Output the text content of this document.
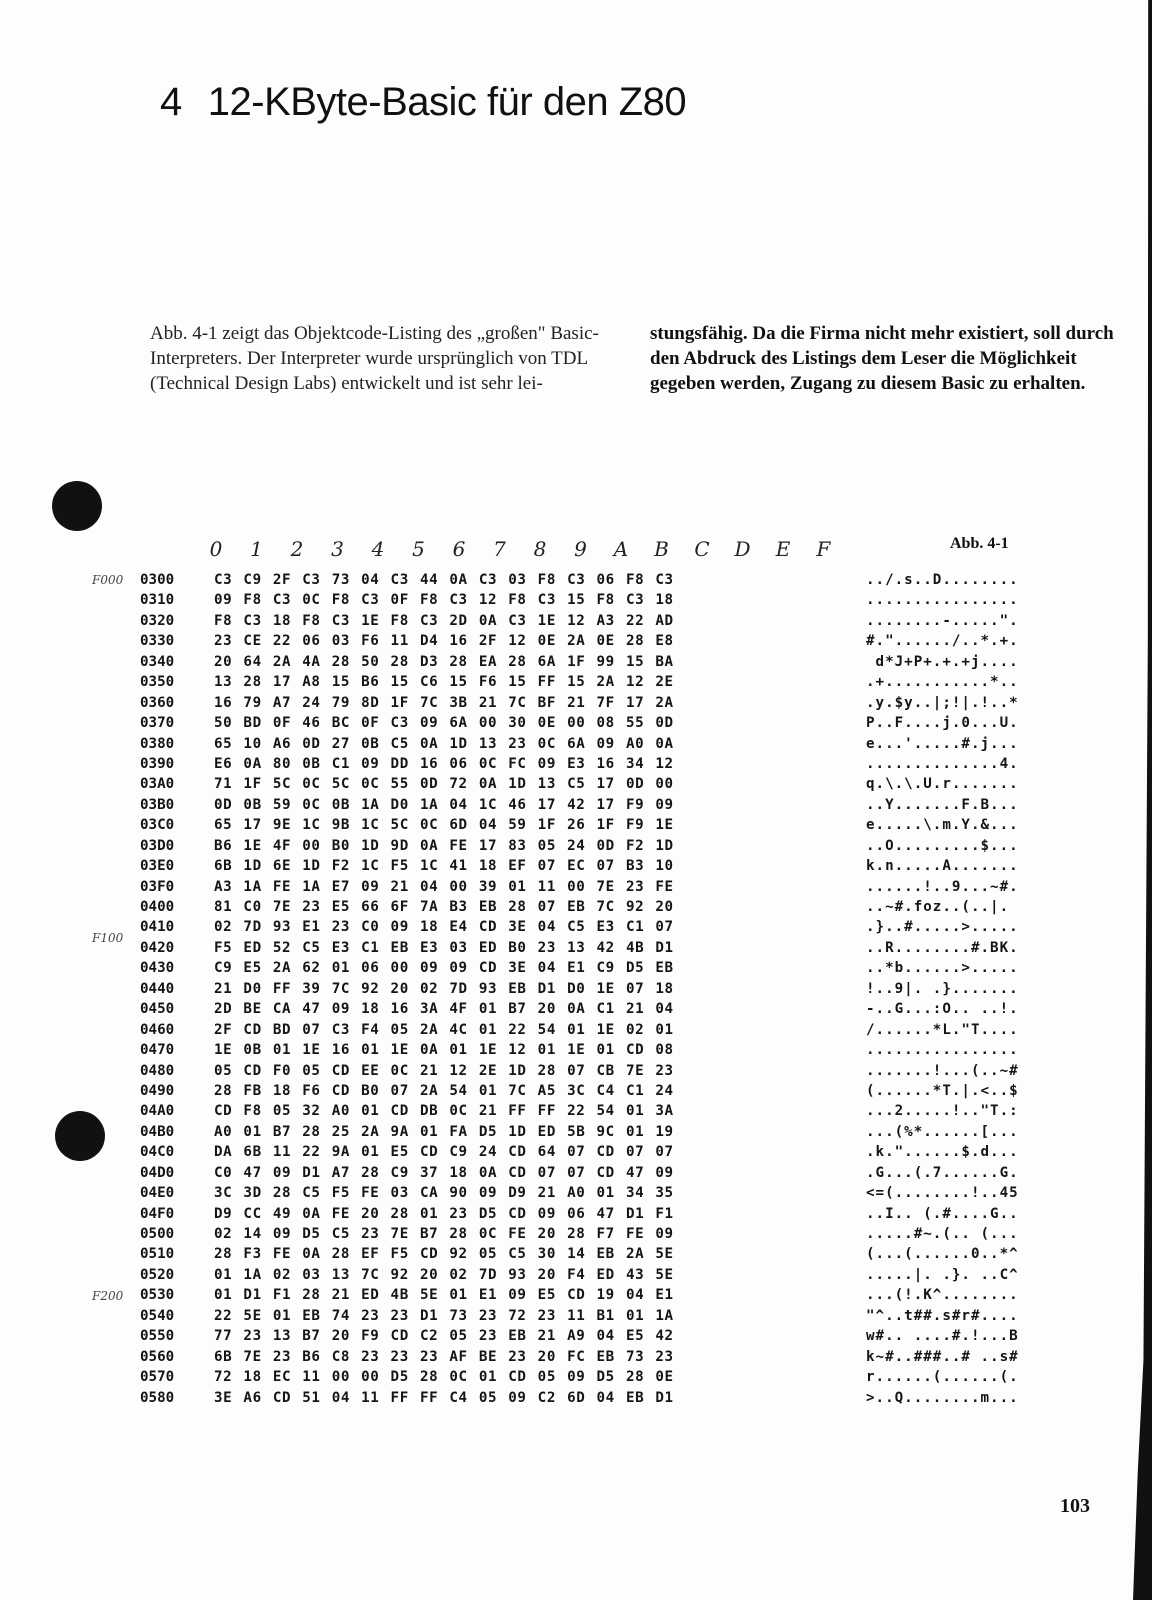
4 12-KByte-Basic für den Z80

Abb. 4-1 zeigt das Objektcode-Listing des „großen" Basic-Interpreters. Der Interpreter wurde ursprünglich von TDL (Technical Design Labs) entwickelt und ist sehr lei-

stungsfähig. Da die Firma nicht mehr existiert, soll durch den Abdruck des Listings dem Leser die Möglichkeit gegeben werden, Zugang zu diesem Basic zu erhalten.

Abb. 4-1
0	1	2	3	4	5	6	7	8	9	A	B	C	D	E	F
F000
F100
F200
0300	C3 C9 2F C3 73 04 C3 44 0A C3 03 F8 C3 06 F8 C3	../.s..D........
0310	09 F8 C3 0C F8 C3 0F F8 C3 12 F8 C3 15 F8 C3 18	................
0320	F8 C3 18 F8 C3 1E F8 C3 2D 0A C3 1E 12 A3 22 AD	........-.....".
0330	23 CE 22 06 03 F6 11 D4 16 2F 12 0E 2A 0E 28 E8	#."....../..*.+.
0340	20 64 2A 4A 28 50 28 D3 28 EA 28 6A 1F 99 15 BA	d*J+P+.+.+j....
0350	13 28 17 A8 15 B6 15 C6 15 F6 15 FF 15 2A 12 2E	.+...........*..
0360	16 79 A7 24 79 8D 1F 7C 3B 21 7C BF 21 7F 17 2A	.y.$y..|;!|.!..*
0370	50 BD 0F 46 BC 0F C3 09 6A 00 30 0E 00 08 55 0D	P..F....j.0...U.
0380	65 10 A6 0D 27 0B C5 0A 1D 13 23 0C 6A 09 A0 0A	e...'.....#.j...
0390	E6 0A 80 0B C1 09 DD 16 06 0C FC 09 E3 16 34 12	..............4.
03A0	71 1F 5C 0C 5C 0C 55 0D 72 0A 1D 13 C5 17 0D 00	q.\.\.U.r.......
03B0	0D 0B 59 0C 0B 1A D0 1A 04 1C 46 17 42 17 F9 09	..Y.......F.B...
03C0	65 17 9E 1C 9B 1C 5C 0C 6D 04 59 1F 26 1F F9 1E	e.....\.m.Y.&...
03D0	B6 1E 4F 00 B0 1D 9D 0A FE 17 83 05 24 0D F2 1D	..O.........$...
03E0	6B 1D 6E 1D F2 1C F5 1C 41 18 EF 07 EC 07 B3 10	k.n.....A.......
03F0	A3 1A FE 1A E7 09 21 04 00 39 01 11 00 7E 23 FE	......!..9...~#.
0400	81 C0 7E 23 E5 66 6F 7A B3 EB 28 07 EB 7C 92 20	..~#.foz..(..|.
0410	02 7D 93 E1 23 C0 09 18 E4 CD 3E 04 C5 E3 C1 07	.}..#.....>.....
0420	F5 ED 52 C5 E3 C1 EB E3 03 ED B0 23 13 42 4B D1	..R........#.BK.
0430	C9 E5 2A 62 01 06 00 09 09 CD 3E 04 E1 C9 D5 EB	..*b......>.....
0440	21 D0 FF 39 7C 92 20 02 7D 93 EB D1 D0 1E 07 18	!..9|. .}.......
0450	2D BE CA 47 09 18 16 3A 4F 01 B7 20 0A C1 21 04	-..G...:O.. ..!.
0460	2F CD BD 07 C3 F4 05 2A 4C 01 22 54 01 1E 02 01	/......*L."T....
0470	1E 0B 01 1E 16 01 1E 0A 01 1E 12 01 1E 01 CD 08	................
0480	05 CD F0 05 CD EE 0C 21 12 2E 1D 28 07 CB 7E 23	.......!...(..~#
0490	28 FB 18 F6 CD B0 07 2A 54 01 7C A5 3C C4 C1 24	(......*T.|.<..$
04A0	CD F8 05 32 A0 01 CD DB 0C 21 FF FF 22 54 01 3A	...2.....!.."T.:
04B0	A0 01 B7 28 25 2A 9A 01 FA D5 1D ED 5B 9C 01 19	...(%*......[...
04C0	DA 6B 11 22 9A 01 E5 CD C9 24 CD 64 07 CD 07 07	.k."......$.d...
04D0	C0 47 09 D1 A7 28 C9 37 18 0A CD 07 07 CD 47 09	.G...(.7......G.
04E0	3C 3D 28 C5 F5 FE 03 CA 90 09 D9 21 A0 01 34 35	<=(........!..45
04F0	D9 CC 49 0A FE 20 28 01 23 D5 CD 09 06 47 D1 F1	..I.. (.#....G..
0500	02 14 09 D5 C5 23 7E B7 28 0C FE 20 28 F7 FE 09	.....#~.(.. (...
0510	28 F3 FE 0A 28 EF F5 CD 92 05 C5 30 14 EB 2A 5E	(...(......0..*^
0520	01 1A 02 03 13 7C 92 20 02 7D 93 20 F4 ED 43 5E	.....|. .}. ..C^
0530	01 D1 F1 28 21 ED 4B 5E 01 E1 09 E5 CD 19 04 E1	...(!.K^........
0540	22 5E 01 EB 74 23 23 D1 73 23 72 23 11 B1 01 1A	"^..t##.s#r#....
0550	77 23 13 B7 20 F9 CD C2 05 23 EB 21 A9 04 E5 42	w#.. ....#.!...B
0560	6B 7E 23 B6 C8 23 23 23 AF BE 23 20 FC EB 73 23	k~#..###..# ..s#
0570	72 18 EC 11 00 00 D5 28 0C 01 CD 05 09 D5 28 0E	r......(......(.
0580	3E A6 CD 51 04 11 FF FF C4 05 09 C2 6D 04 EB D1	>..Q........m...
103
